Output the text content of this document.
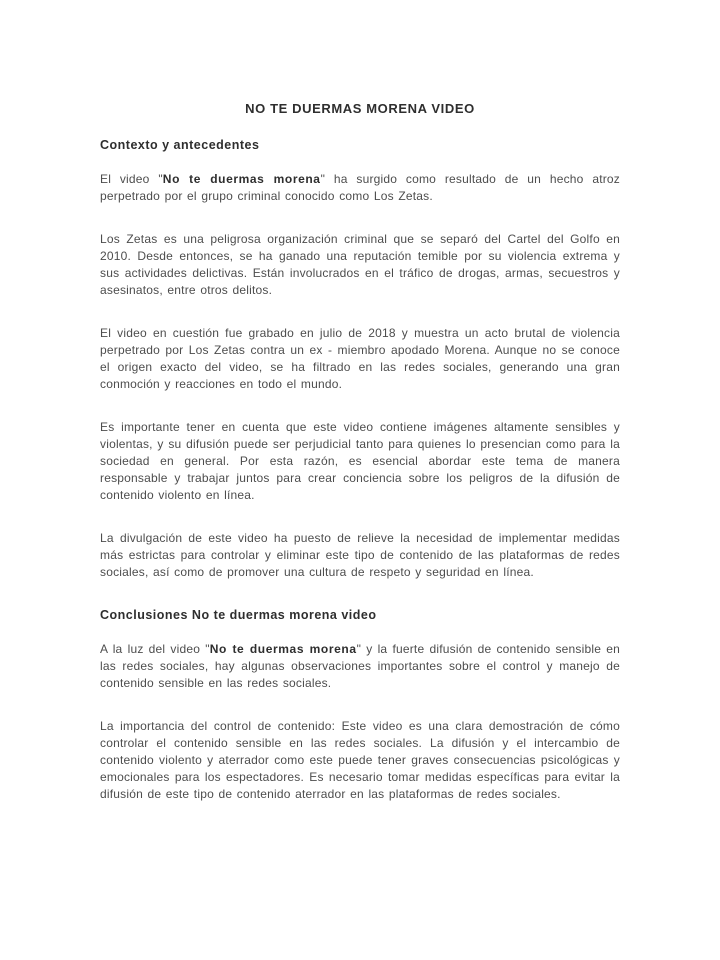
NO TE DUERMAS MORENA VIDEO
Contexto y antecedentes

El video "No te duermas morena" ha surgido como resultado de un hecho atroz perpetrado por el grupo criminal conocido como Los Zetas.

Los Zetas es una peligrosa organización criminal que se separó del Cartel del Golfo en 2010. Desde entonces, se ha ganado una reputación temible por su violencia extrema y sus actividades delictivas. Están involucrados en el tráfico de drogas, armas, secuestros y asesinatos, entre otros delitos.

El video en cuestión fue grabado en julio de 2018 y muestra un acto brutal de violencia perpetrado por Los Zetas contra un ex - miembro apodado Morena. Aunque no se conoce el origen exacto del video, se ha filtrado en las redes sociales, generando una gran conmoción y reacciones en todo el mundo.

Es importante tener en cuenta que este video contiene imágenes altamente sensibles y violentas, y su difusión puede ser perjudicial tanto para quienes lo presencian como para la sociedad en general. Por esta razón, es esencial abordar este tema de manera responsable y trabajar juntos para crear conciencia sobre los peligros de la difusión de contenido violento en línea.

La divulgación de este video ha puesto de relieve la necesidad de implementar medidas más estrictas para controlar y eliminar este tipo de contenido de las plataformas de redes sociales, así como de promover una cultura de respeto y seguridad en línea.

Conclusiones No te duermas morena video

A la luz del video "No te duermas morena" y la fuerte difusión de contenido sensible en las redes sociales, hay algunas observaciones importantes sobre el control y manejo de contenido sensible en las redes sociales.

La importancia del control de contenido: Este video es una clara demostración de cómo controlar el contenido sensible en las redes sociales. La difusión y el intercambio de contenido violento y aterrador como este puede tener graves consecuencias psicológicas y emocionales para los espectadores. Es necesario tomar medidas específicas para evitar la difusión de este tipo de contenido aterrador en las plataformas de redes sociales.
